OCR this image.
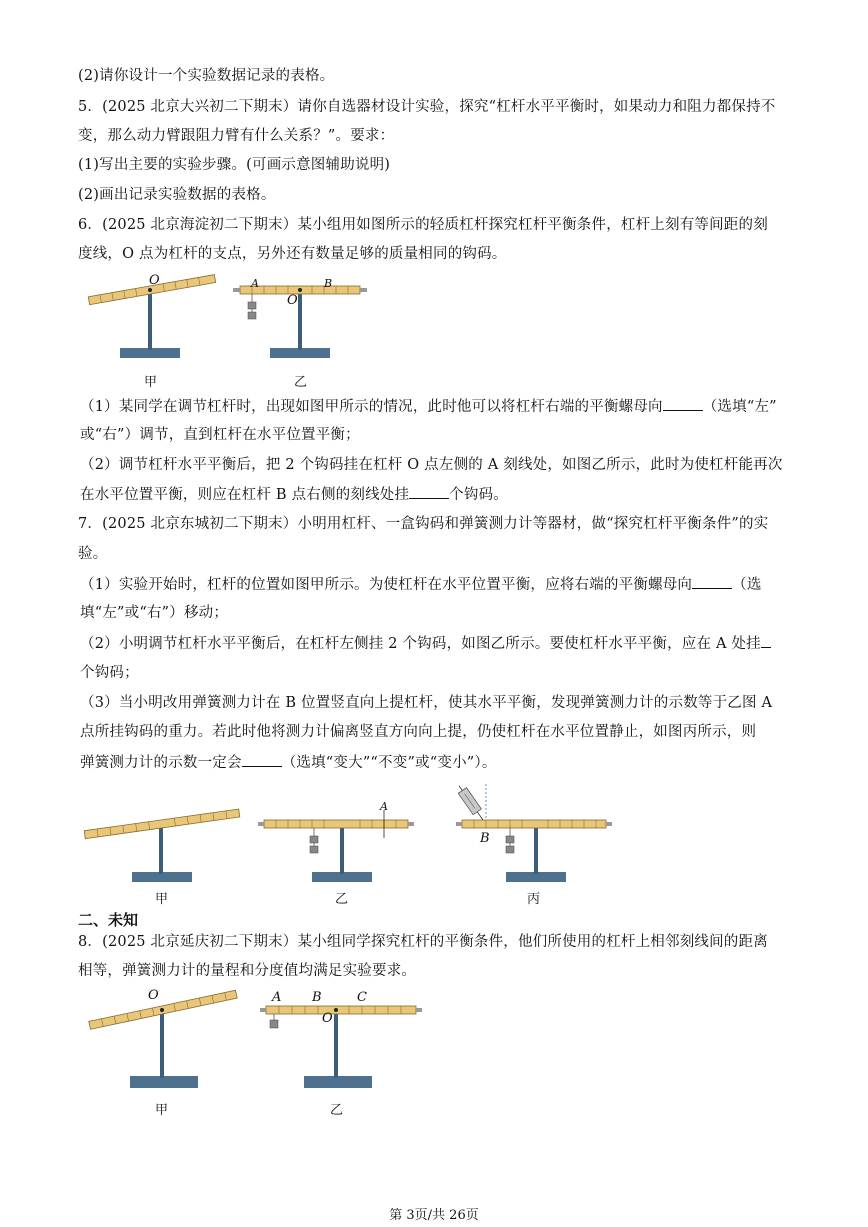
(2)请你设计一个实验数据记录的表格。
5．(2025 北京大兴初二下期末）请你自选器材设计实验，探究“杠杆水平平衡时，如果动力和阻力都保持不
变，那么动力臂跟阻力臂有什么关系？”。要求：
(1)写出主要的实验步骤。(可画示意图辅助说明)
(2)画出记录实验数据的表格。
6．(2025 北京海淀初二下期末）某小组用如图所示的轻质杠杆探究杠杆平衡条件，杠杆上刻有等间距的刻
度线，O 点为杠杆的支点，另外还有数量足够的质量相同的钩码。
O	A	B
O
甲	乙
（1）某同学在调节杠杆时，出现如图甲所示的情况，此时他可以将杠杆右端的平衡螺母向	（选填“左”
或“右”）调节，直到杠杆在水平位置平衡；
（2）调节杠杆水平平衡后，把 2 个钩码挂在杠杆 O 点左侧的 A 刻线处，如图乙所示，此时为使杠杆能再次
在水平位置平衡，则应在杠杆 B 点右侧的刻线处挂	个钩码。
7．(2025 北京东城初二下期末）小明用杠杆、一盒钩码和弹簧测力计等器材，做“探究杠杆平衡条件”的实
验。
（1）实验开始时，杠杆的位置如图甲所示。为使杠杆在水平位置平衡，应将右端的平衡螺母向	（选
填“左”或“右”）移动；
（2）小明调节杠杆水平平衡后，在杠杆左侧挂 2 个钩码，如图乙所示。要使杠杆水平平衡，应在 A 处挂
个钩码；
（3）当小明改用弹簧测力计在 B 位置竖直向上提杠杆，使其水平平衡，发现弹簧测力计的示数等于乙图 A
点所挂钩码的重力。若此时他将测力计偏离竖直方向向上提，仍使杠杆在水平位置静止，如图丙所示，则
弹簧测力计的示数一定会	（选填“变大”“不变”或“变小”）。
A
B
甲	乙	丙
二、未知
8．(2025 北京延庆初二下期末）某小组同学探究杠杆的平衡条件，他们所使用的杠杆上相邻刻线间的距离
相等，弹簧测力计的量程和分度值均满足实验要求。
O	A B	C
O
甲	乙
第 3页/共 26页
